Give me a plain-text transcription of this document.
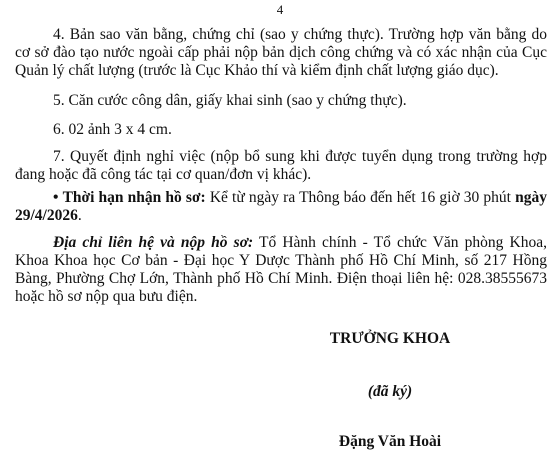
4
4. Bản sao văn bằng, chứng chỉ (sao y chứng thực). Trường hợp văn bằng do cơ sở đào tạo nước ngoài cấp phải nộp bản dịch công chứng và có xác nhận của Cục Quản lý chất lượng (trước là Cục Khảo thí và kiểm định chất lượng giáo dục).
5. Căn cước công dân, giấy khai sinh (sao y chứng thực).
6. 02 ảnh 3 x 4 cm.
7. Quyết định nghỉ việc (nộp bổ sung khi được tuyển dụng trong trường hợp đang hoặc đã công tác tại cơ quan/đơn vị khác).
• Thời hạn nhận hồ sơ: Kể từ ngày ra Thông báo đến hết 16 giờ 30 phút ngày 29/4/2026.
Địa chỉ liên hệ và nộp hồ sơ: Tổ Hành chính - Tổ chức Văn phòng Khoa, Khoa Khoa học Cơ bản - Đại học Y Dược Thành phố Hồ Chí Minh, số 217 Hồng Bàng, Phường Chợ Lớn, Thành phố Hồ Chí Minh. Điện thoại liên hệ: 028.38555673 hoặc hồ sơ nộp qua bưu điện.
TRƯỞNG KHOA
(đã ký)
Đặng Văn Hoài
